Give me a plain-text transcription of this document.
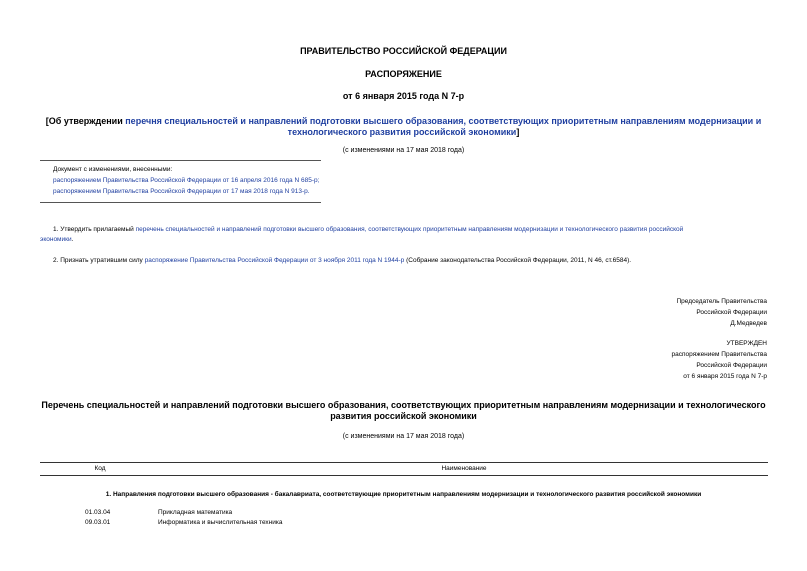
ПРАВИТЕЛЬСТВО РОССИЙСКОЙ ФЕДЕРАЦИИ
РАСПОРЯЖЕНИЕ
от 6 января 2015 года N 7-р
[Об утверждении перечня специальностей и направлений подготовки высшего образования, соответствующих приоритетным направлениям модернизации и
технологического развития российской экономики]
(с изменениями на 17 мая 2018 года)
Документ с изменениями, внесенными:
распоряжением Правительства Российской Федерации от 16 апреля 2016 года N 685-р;
распоряжением Правительства Российской Федерации от 17 мая 2018 года N 913-р.
1. Утвердить прилагаемый перечень специальностей и направлений подготовки высшего образования, соответствующих приоритетным направлениям модернизации и технологического развития российской
экономики.
2. Признать утратившим силу распоряжение Правительства Российской Федерации от 3 ноября 2011 года N 1944-р (Собрание законодательства Российской Федерации, 2011, N 46, ст.6584).
Председатель Правительства
Российской Федерации
Д.Медведев
УТВЕРЖДЕН
распоряжением Правительства
Российской Федерации
от 6 января 2015 года N 7-р
Перечень специальностей и направлений подготовки высшего образования, соответствующих приоритетным направлениям модернизации и технологического
развития российской экономики
(с изменениями на 17 мая 2018 года)
Код	Наименование
1. Направления подготовки высшего образования - бакалавриата, соответствующие приоритетным направлениям модернизации и технологического развития российской экономики
01.03.04	Прикладная математика
09.03.01	Информатика и вычислительная техника
